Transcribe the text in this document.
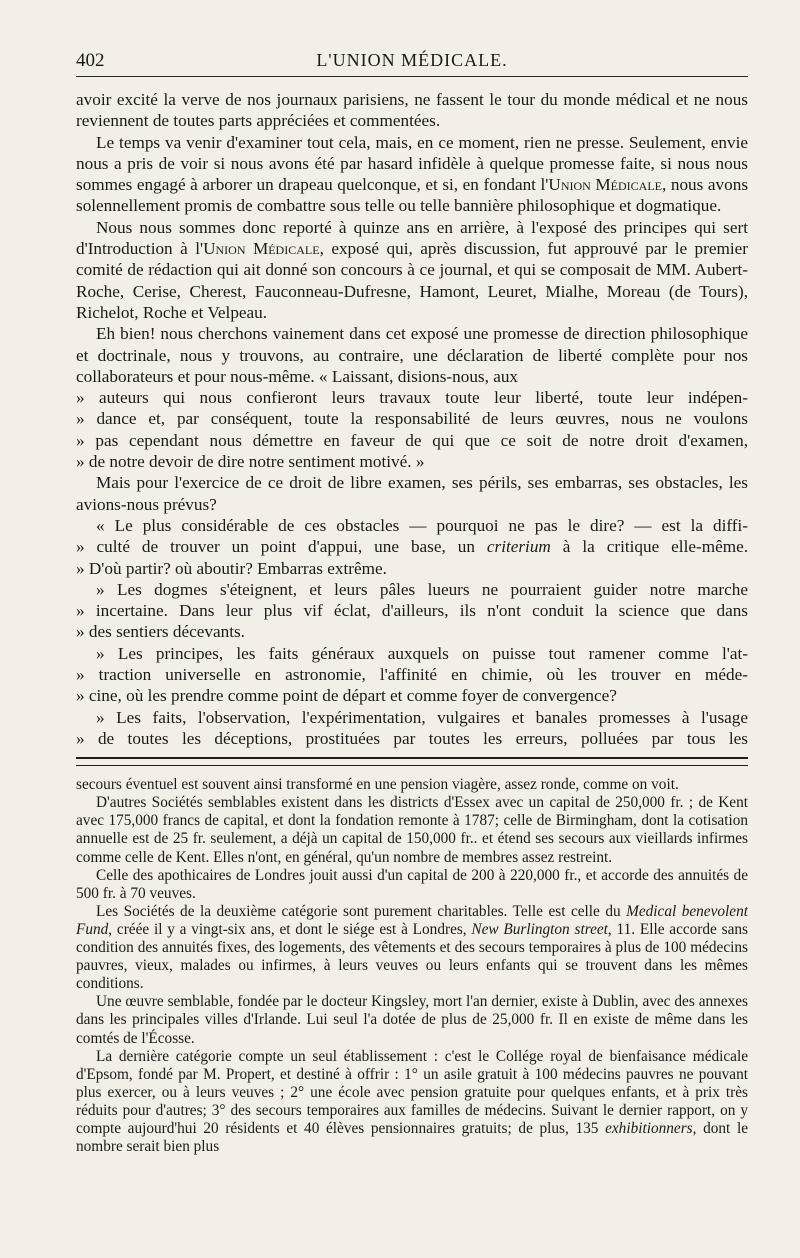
402	L'UNION MÉDICALE.

avoir excité la verve de nos journaux parisiens, ne fassent le tour du monde médical et ne nous reviennent de toutes parts appréciées et commentées.

Le temps va venir d'examiner tout cela, mais, en ce moment, rien ne presse. Seulement, envie nous a pris de voir si nous avons été par hasard infidèle à quelque promesse faite, si nous nous sommes engagé à arborer un drapeau quelconque, et si, en fondant l'Union Médicale, nous avons solennellement promis de combattre sous telle ou telle bannière philosophique et dogmatique.

Nous nous sommes donc reporté à quinze ans en arrière, à l'exposé des principes qui sert d'Introduction à l'Union Médicale, exposé qui, après discussion, fut approuvé par le premier comité de rédaction qui ait donné son concours à ce journal, et qui se composait de MM. Aubert-Roche, Cerise, Cherest, Fauconneau-Dufresne, Hamont, Leuret, Mialhe, Moreau (de Tours), Richelot, Roche et Velpeau.

Eh bien! nous cherchons vainement dans cet exposé une promesse de direction philosophique et doctrinale, nous y trouvons, au contraire, une déclaration de liberté complète pour nos collaborateurs et pour nous-même. « Laissant, disions-nous, aux

» auteurs qui nous confieront leurs travaux toute leur liberté, toute leur indépen-
» dance et, par conséquent, toute la responsabilité de leurs œuvres, nous ne voulons
» pas cependant nous démettre en faveur de qui que ce soit de notre droit d'examen,
» de notre devoir de dire notre sentiment motivé. »

Mais pour l'exercice de ce droit de libre examen, ses périls, ses embarras, ses obstacles, les avions-nous prévus?

« Le plus considérable de ces obstacles — pourquoi ne pas le dire? — est la diffi-
» culté de trouver un point d'appui, une base, un criterium à la critique elle-même.
» D'où partir? où aboutir? Embarras extrême.

» Les dogmes s'éteignent, et leurs pâles lueurs ne pourraient guider notre marche
» incertaine. Dans leur plus vif éclat, d'ailleurs, ils n'ont conduit la science que dans
» des sentiers décevants.

» Les principes, les faits généraux auxquels on puisse tout ramener comme l'at-
» traction universelle en astronomie, l'affinité en chimie, où les trouver en méde-
» cine, où les prendre comme point de départ et comme foyer de convergence?

» Les faits, l'observation, l'expérimentation, vulgaires et banales promesses à l'usage
» de toutes les déceptions, prostituées par toutes les erreurs, polluées par tous les

secours éventuel est souvent ainsi transformé en une pension viagère, assez ronde, comme on voit.

D'autres Sociétés semblables existent dans les districts d'Essex avec un capital de 250,000 fr. ; de Kent avec 175,000 francs de capital, et dont la fondation remonte à 1787; celle de Birmingham, dont la cotisation annuelle est de 25 fr. seulement, a déjà un capital de 150,000 fr.. et étend ses secours aux vieillards infirmes comme celle de Kent. Elles n'ont, en général, qu'un nombre de membres assez restreint.

Celle des apothicaires de Londres jouit aussi d'un capital de 200 à 220,000 fr., et accorde des annuités de 500 fr. à 70 veuves.

Les Sociétés de la deuxième catégorie sont purement charitables. Telle est celle du Medical benevolent Fund, créée il y a vingt-six ans, et dont le siége est à Londres, New Burlington street, 11. Elle accorde sans condition des annuités fixes, des logements, des vêtements et des secours temporaires à plus de 100 médecins pauvres, vieux, malades ou infirmes, à leurs veuves ou leurs enfants qui se trouvent dans les mêmes conditions.

Une œuvre semblable, fondée par le docteur Kingsley, mort l'an dernier, existe à Dublin, avec des annexes dans les principales villes d'Irlande. Lui seul l'a dotée de plus de 25,000 fr. Il en existe de même dans les comtés de l'Écosse.

La dernière catégorie compte un seul établissement : c'est le Collége royal de bienfaisance médicale d'Epsom, fondé par M. Propert, et destiné à offrir : 1° un asile gratuit à 100 médecins pauvres ne pouvant plus exercer, ou à leurs veuves ; 2° une école avec pension gratuite pour quelques enfants, et à prix très réduits pour d'autres; 3° des secours temporaires aux familles de médecins. Suivant le dernier rapport, on y compte aujourd'hui 20 résidents et 40 élèves pensionnaires gratuits; de plus, 135 exhibitionners, dont le nombre serait bien plus
